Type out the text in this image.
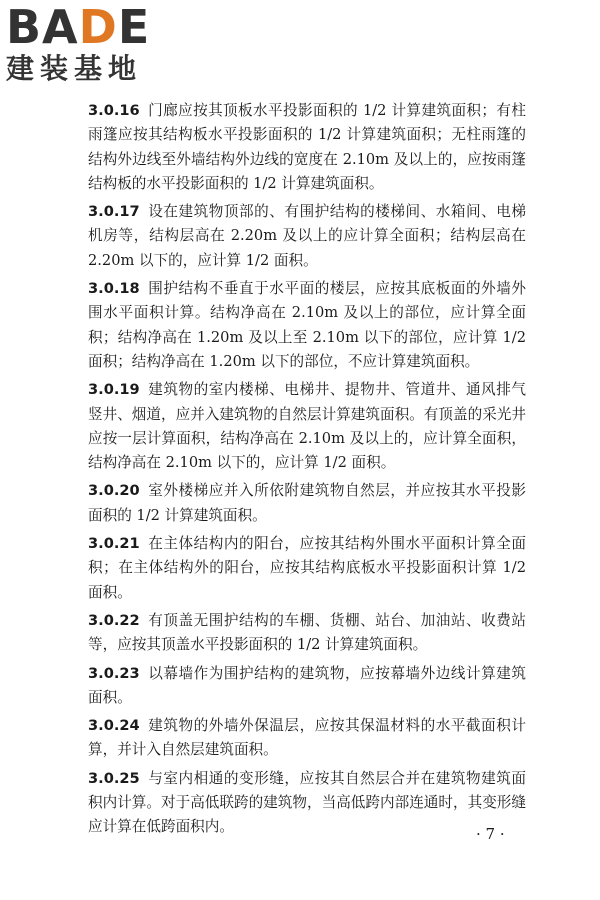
BADE
建装基地

3.0.16 门廊应按其顶板水平投影面积的 1/2 计算建筑面积；有柱雨篷应按其结构板水平投影面积的 1/2 计算建筑面积；无柱雨篷的结构外边线至外墙结构外边线的宽度在 2.10m 及以上的，应按雨篷结构板的水平投影面积的 1/2 计算建筑面积。

3.0.17 设在建筑物顶部的、有围护结构的楼梯间、水箱间、电梯机房等，结构层高在 2.20m 及以上的应计算全面积；结构层高在 2.20m 以下的，应计算 1/2 面积。

3.0.18 围护结构不垂直于水平面的楼层，应按其底板面的外墙外围水平面积计算。结构净高在 2.10m 及以上的部位，应计算全面积；结构净高在 1.20m 及以上至 2.10m 以下的部位，应计算 1/2 面积；结构净高在 1.20m 以下的部位，不应计算建筑面积。

3.0.19 建筑物的室内楼梯、电梯井、提物井、管道井、通风排气竖井、烟道，应并入建筑物的自然层计算建筑面积。有顶盖的采光井应按一层计算面积，结构净高在 2.10m 及以上的，应计算全面积，结构净高在 2.10m 以下的，应计算 1/2 面积。

3.0.20 室外楼梯应并入所依附建筑物自然层，并应按其水平投影面积的 1/2 计算建筑面积。

3.0.21 在主体结构内的阳台，应按其结构外围水平面积计算全面积；在主体结构外的阳台，应按其结构底板水平投影面积计算 1/2 面积。

3.0.22 有顶盖无围护结构的车棚、货棚、站台、加油站、收费站等，应按其顶盖水平投影面积的 1/2 计算建筑面积。

3.0.23 以幕墙作为围护结构的建筑物，应按幕墙外边线计算建筑面积。

3.0.24 建筑物的外墙外保温层，应按其保温材料的水平截面积计算，并计入自然层建筑面积。

3.0.25 与室内相通的变形缝，应按其自然层合并在建筑物建筑面积内计算。对于高低联跨的建筑物，当高低跨内部连通时，其变形缝应计算在低跨面积内。	· 7 ·
